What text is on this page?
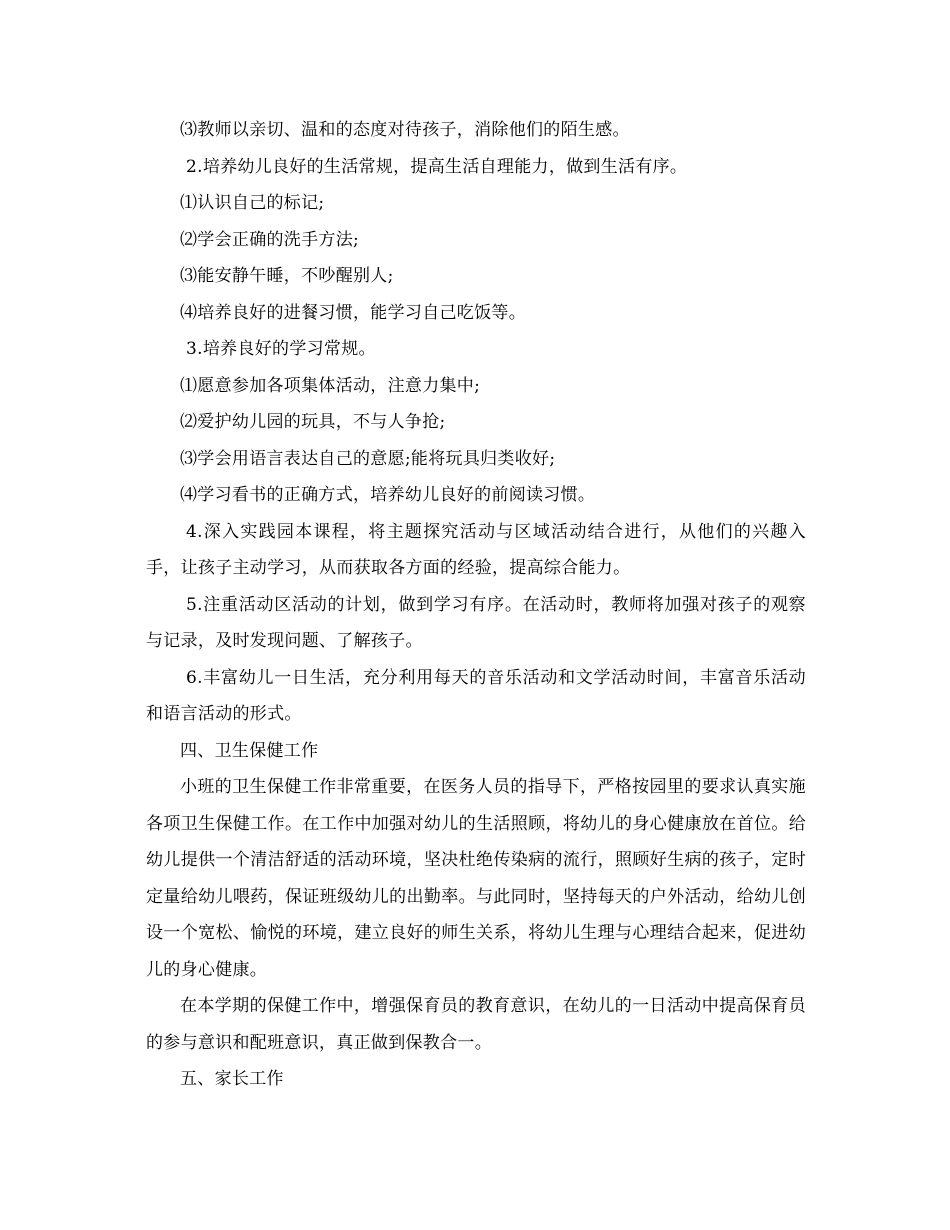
⑶教师以亲切、温和的态度对待孩子，消除他们的陌生感。

2.培养幼儿良好的生活常规，提高生活自理能力，做到生活有序。

⑴认识自己的标记;

⑵学会正确的洗手方法;

⑶能安静午睡，不吵醒别人;

⑷培养良好的进餐习惯，能学习自己吃饭等。

3.培养良好的学习常规。

⑴愿意参加各项集体活动，注意力集中;

⑵爱护幼儿园的玩具，不与人争抢;

⑶学会用语言表达自己的意愿;能将玩具归类收好;

⑷学习看书的正确方式，培养幼儿良好的前阅读习惯。

4.深入实践园本课程，将主题探究活动与区域活动结合进行，从他们的兴趣入手，让孩子主动学习，从而获取各方面的经验，提高综合能力。

5.注重活动区活动的计划，做到学习有序。在活动时，教师将加强对孩子的观察与记录，及时发现问题、了解孩子。

6.丰富幼儿一日生活，充分利用每天的音乐活动和文学活动时间，丰富音乐活动和语言活动的形式。

四、卫生保健工作

小班的卫生保健工作非常重要，在医务人员的指导下，严格按园里的要求认真实施各项卫生保健工作。在工作中加强对幼儿的生活照顾，将幼儿的身心健康放在首位。给幼儿提供一个清洁舒适的活动环境，坚决杜绝传染病的流行，照顾好生病的孩子，定时定量给幼儿喂药，保证班级幼儿的出勤率。与此同时，坚持每天的户外活动，给幼儿创设一个宽松、愉悦的环境，建立良好的师生关系，将幼儿生理与心理结合起来，促进幼儿的身心健康。

在本学期的保健工作中，增强保育员的教育意识，在幼儿的一日活动中提高保育员的参与意识和配班意识，真正做到保教合一。

五、家长工作
